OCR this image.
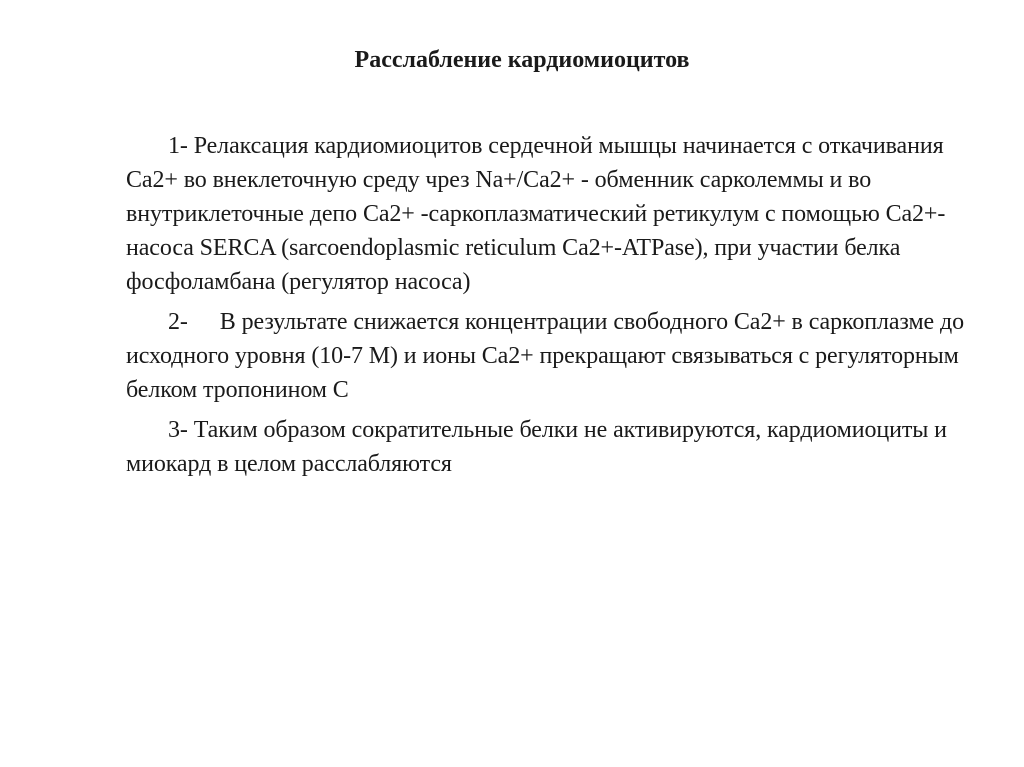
Расслабление кардиомиоцитов

1- Релаксация кардиомиоцитов сердечной мышцы начинается с откачивания Са2+ во внеклеточную среду чрез Na+/Са2+ - обменник сарколеммы и во внутриклеточные депо Са2+ -саркоплазматический ретикулум с помощью Са2+-насоса SERCA (sarcoendoplasmic reticulum Ca2+-ATPase), при участии белка фосфоламбана (регулятор насоса)

2- В результате снижается концентрации свободного Са2+ в саркоплазме до исходного уровня (10-7 М) и ионы Са2+ прекращают связываться с регуляторным белком тропонином С

3- Таким образом сократительные белки не активируются, кардиомиоциты и миокард в целом расслабляются
